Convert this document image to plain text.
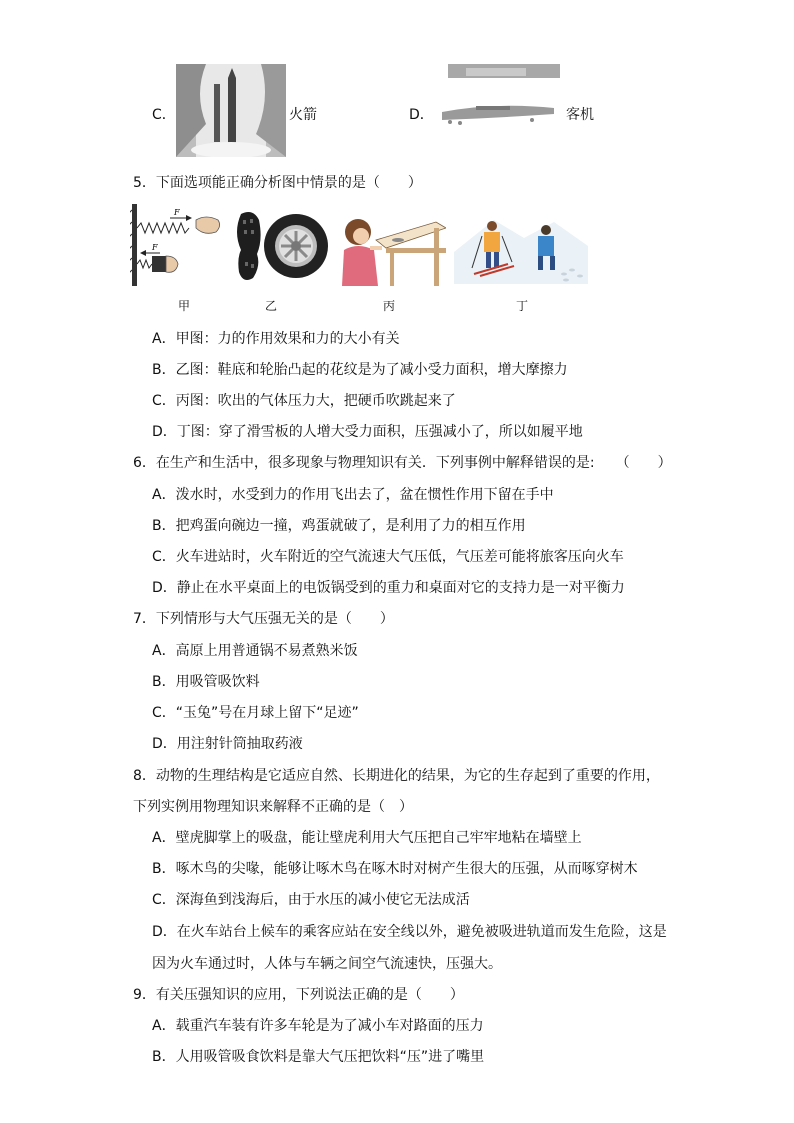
C．	火箭	D．	客机
5．下面选项能正确分析图中情景的是（　　）
F
F
甲	乙	丙	丁
A．甲图：力的作用效果和力的大小有关
B．乙图：鞋底和轮胎凸起的花纹是为了减小受力面积，增大摩擦力
C．丙图：吹出的气体压力大，把硬币吹跳起来了
D．丁图：穿了滑雪板的人增大受力面积，压强减小了，所以如履平地
6．在生产和生活中，很多现象与物理知识有关．下列事例中解释错误的是:　　（　　）
A．泼水时，水受到力的作用飞出去了，盆在惯性作用下留在手中
B．把鸡蛋向碗边一撞，鸡蛋就破了，是利用了力的相互作用
C．火车进站时，火车附近的空气流速大气压低，气压差可能将旅客压向火车
D．静止在水平桌面上的电饭锅受到的重力和桌面对它的支持力是一对平衡力
7．下列情形与大气压强无关的是（　　）
A．高原上用普通锅不易煮熟米饭
B．用吸管吸饮料
C．“玉兔”号在月球上留下“足迹”
D．用注射针筒抽取药液
8．动物的生理结构是它适应自然、长期进化的结果，为它的生存起到了重要的作用，
下列实例用物理知识来解释不正确的是（　）
A．壁虎脚掌上的吸盘，能让壁虎利用大气压把自己牢牢地粘在墙壁上
B．啄木鸟的尖喙，能够让啄木鸟在啄木时对树产生很大的压强，从而啄穿树木
C．深海鱼到浅海后，由于水压的减小使它无法成活
D．在火车站台上候车的乘客应站在安全线以外，避免被吸进轨道而发生危险，这是
因为火车通过时，人体与车辆之间空气流速快，压强大。
9．有关压强知识的应用，下列说法正确的是（　　）
A．载重汽车装有许多车轮是为了减小车对路面的压力
B．人用吸管吸食饮料是靠大气压把饮料“压”进了嘴里
